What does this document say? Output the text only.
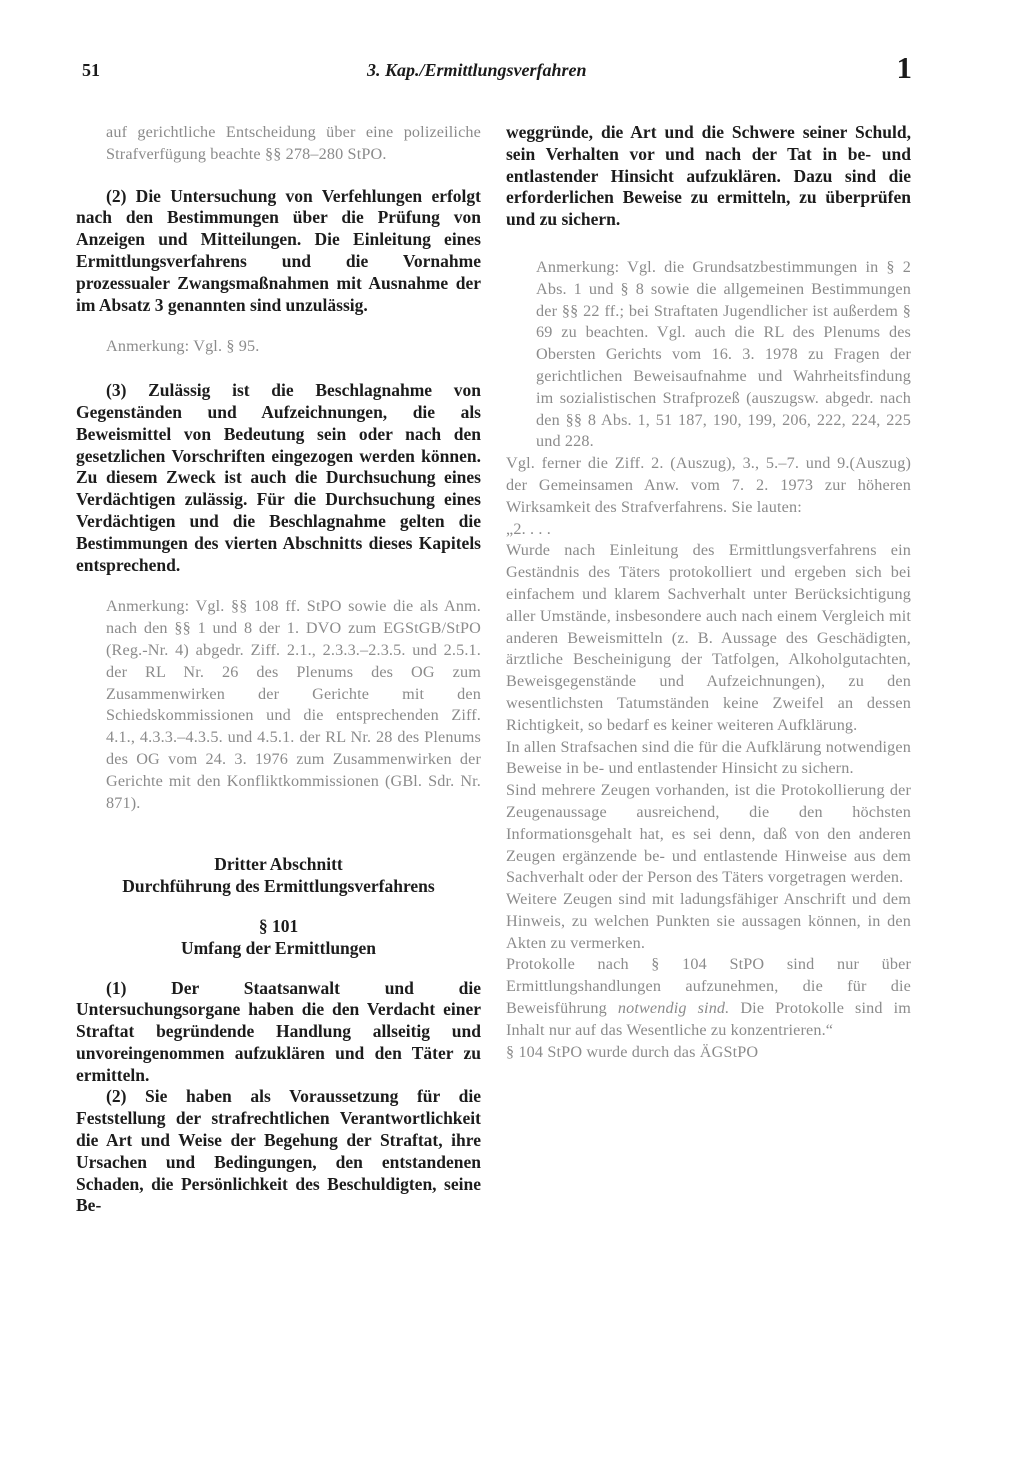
51	3. Kap./Ermittlungsverfahren	1

auf gerichtliche Entscheidung über eine polizeiliche Strafverfügung beachte §§ 278–280 StPO.

(2) Die Untersuchung von Verfehlungen erfolgt nach den Bestimmungen über die Prüfung von Anzeigen und Mitteilungen. Die Einleitung eines Ermittlungsverfahrens und die Vornahme prozessualer Zwangsmaßnahmen mit Ausnahme der im Absatz 3 genannten sind unzulässig.

Anmerkung: Vgl. § 95.

(3) Zulässig ist die Beschlagnahme von Gegenständen und Aufzeichnungen, die als Beweismittel von Bedeutung sein oder nach den gesetzlichen Vorschriften eingezogen werden können. Zu diesem Zweck ist auch die Durchsuchung eines Verdächtigen zulässig. Für die Durchsuchung eines Verdächtigen und die Beschlagnahme gelten die Bestimmungen des vierten Abschnitts dieses Kapitels entsprechend.

Anmerkung: Vgl. §§ 108 ff. StPO sowie die als Anm. nach den §§ 1 und 8 der 1. DVO zum EGStGB/StPO (Reg.-Nr. 4) abgedr. Ziff. 2.1., 2.3.3.–2.3.5. und 2.5.1. der RL Nr. 26 des Plenums des OG zum Zusammenwirken der Gerichte mit den Schiedskommissionen und die entsprechenden Ziff. 4.1., 4.3.3.–4.3.5. und 4.5.1. der RL Nr. 28 des Plenums des OG vom 24. 3. 1976 zum Zusammenwirken der Gerichte mit den Konfliktkommissionen (GBl. Sdr. Nr. 871).

Dritter Abschnitt

Durchführung des Ermittlungsverfahrens

§ 101

Umfang der Ermittlungen

(1) Der Staatsanwalt und die Untersuchungsorgane haben die den Verdacht einer Straftat begründende Handlung allseitig und unvoreingenommen aufzuklären und den Täter zu ermitteln.

(2) Sie haben als Voraussetzung für die Feststellung der strafrechtlichen Verantwortlichkeit die Art und Weise der Begehung der Straftat, ihre Ursachen und Bedingungen, den entstandenen Schaden, die Persönlichkeit des Beschuldigten, seine Be-

weggründe, die Art und die Schwere seiner Schuld, sein Verhalten vor und nach der Tat in be- und entlastender Hinsicht aufzuklären. Dazu sind die erforderlichen Beweise zu ermitteln, zu überprüfen und zu sichern.

Anmerkung: Vgl. die Grundsatzbestimmungen in § 2 Abs. 1 und § 8 sowie die allgemeinen Bestimmungen der §§ 22 ff.; bei Straftaten Jugendlicher ist außerdem § 69 zu beachten. Vgl. auch die RL des Plenums des Obersten Gerichts vom 16. 3. 1978 zu Fragen der gerichtlichen Beweisaufnahme und Wahrheitsfindung im sozialistischen Strafprozeß (auszugsw. abgedr. nach den §§ 8 Abs. 1, 51 187, 190, 199, 206, 222, 224, 225 und 228.

Vgl. ferner die Ziff. 2. (Auszug), 3., 5.–7. und 9.(Auszug) der Gemeinsamen Anw. vom 7. 2. 1973 zur höheren Wirksamkeit des Strafverfahrens. Sie lauten:

„2. . . .

Wurde nach Einleitung des Ermittlungsverfahrens ein Geständnis des Täters protokolliert und ergeben sich bei einfachem und klarem Sachverhalt unter Berücksichtigung aller Umstände, insbesondere auch nach einem Vergleich mit anderen Beweismitteln (z. B. Aussage des Geschädigten, ärztliche Bescheinigung der Tatfolgen, Alkoholgutachten, Beweisgegenstände und Aufzeichnungen), zu den wesentlichsten Tatumständen keine Zweifel an dessen Richtigkeit, so bedarf es keiner weiteren Aufklärung.

In allen Strafsachen sind die für die Aufklärung notwendigen Beweise in be- und entlastender Hinsicht zu sichern.

Sind mehrere Zeugen vorhanden, ist die Protokollierung der Zeugenaussage ausreichend, die den höchsten Informationsgehalt hat, es sei denn, daß von den anderen Zeugen ergänzende be- und entlastende Hinweise aus dem Sachverhalt oder der Person des Täters vorgetragen werden.

Weitere Zeugen sind mit ladungsfähiger Anschrift und dem Hinweis, zu welchen Punkten sie aussagen können, in den Akten zu vermerken.

Protokolle nach § 104 StPO sind nur über Ermittlungshandlungen aufzunehmen, die für die Beweisführung notwendig sind. Die Protokolle sind im Inhalt nur auf das Wesentliche zu konzentrieren.“

§ 104 StPO wurde durch das ÄGStPO
